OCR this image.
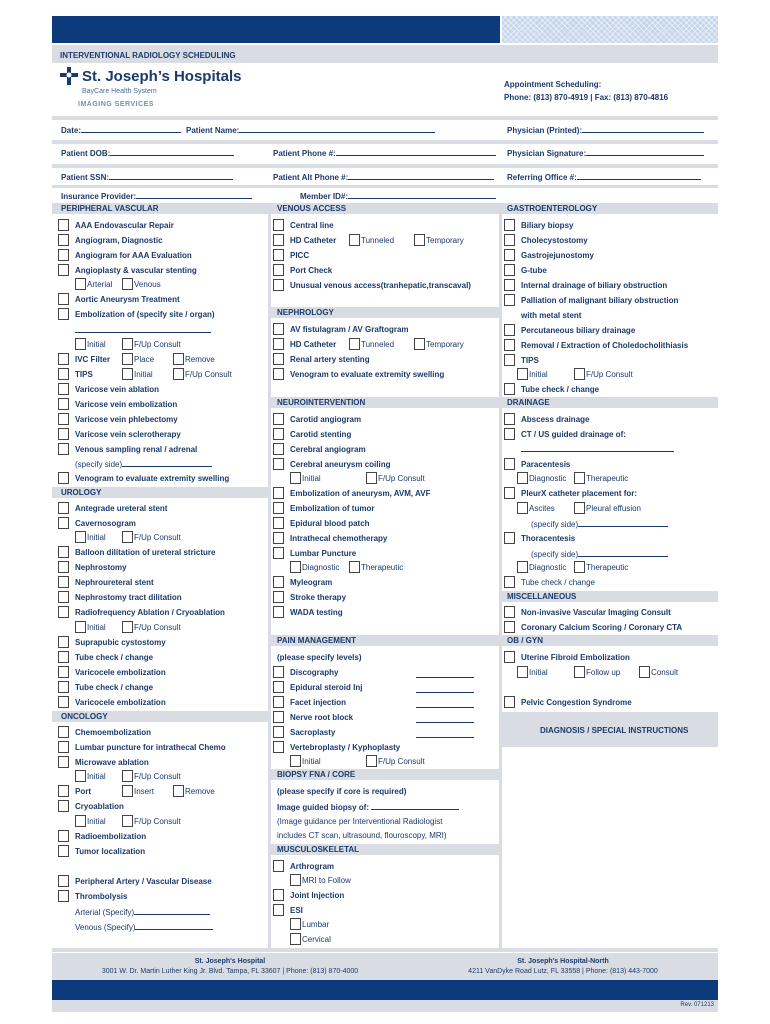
INTERVENTIONAL RADIOLOGY SCHEDULING
St. Joseph’s Hospitals
BayCare Health System
IMAGING SERVICES
Appointment Scheduling:
Phone: (813) 870-4919 | Fax: (813) 870-4816
Date:	Patient Name:	Physician (Printed):
Patient DOB:	Patient Phone #:	Physician Signature:
Patient SSN:	Patient Alt Phone #:	Referring Office #:
Insurance Provider:	Member ID#:
PERIPHERAL VASCULAR	VENOUS ACCESS	GASTROENTEROLOGY
UROLOGY
ONCOLOGY
NEPHROLOGY
NEUROINTERVENTION
PAIN MANAGEMENT
BIOPSY FNA / CORE
MUSCULOSKELETAL
DRAINAGE
MISCELLANEOUS
OB / GYN
DIAGNOSIS / SPECIAL INSTRUCTIONS
AAA Endovascular Repair
Angiogram, Diagnostic
Angiogram for AAA Evaluation
Angioplasty & vascular stenting
Arterial	Venous
Aortic Aneurysm Treatment
Embolization of (specify site / organ)
Initial	F/Up Consult
IVC Filter	Place	Remove
TIPS	Initial	F/Up Consult
Varicose vein ablation
Varicose vein embolization
Varicose vein phlebectomy
Varicose vein sclerotherapy
Venous sampling renal / adrenal
(specify side)
Venogram to evaluate extremity swelling
Antegrade ureteral stent
Cavernosogram
Initial	F/Up Consult
Balloon dilitation of ureteral stricture
Nephrostomy
Nephroureteral stent
Nephrostomy tract dilitation
Radiofrequency Ablation / Cryoablation
Initial	F/Up Consult
Suprapubic cystostomy
Tube check / change
Varicocele embolization
Tube check / change
Varicocele embolization
Chemoembolization
Lumbar puncture for intrathecal Chemo
Microwave ablation
Initial	F/Up Consult
Port	Insert	Remove
Cryoablation
Initial	F/Up Consult
Radioembolization
Tumor localization
Peripheral Artery / Vascular Disease
Thrombolysis
Arterial (Specify)
Venous (Specify)
Central line
HD Catheter	Tunneled	Temporary
PICC
Port Check
Unusual venous access(tranhepatic,transcaval)
AV fistulagram / AV Graftogram
HD Catheter	Tunneled	Temporary
Renal artery stenting
Venogram to evaluate extremity swelling
Carotid angiogram
Carotid stenting
Cerebral angiogram
Cerebral aneurysm coiling
Initial	F/Up Consult
Embolization of aneurysm, AVM, AVF
Embolization of tumor
Epidural blood patch
Intrathecal chemotherapy
Lumbar Puncture
Diagnostic	Therapeutic
Myleogram
Stroke therapy
WADA testing
(please specify levels)
Discography
Epidural steroid Inj
Facet injection
Nerve root block
Sacroplasty
Vertebroplasty / Kyphoplasty
Initial	F/Up Consult
(please specify if core is required)
Image guided biopsy of:
(Image guidance per Interventional Radiologist
includes CT scan, ultrasound, flouroscopy, MRI)
Arthrogram
MRI to Follow
Joint Injection
ESI
Lumbar
Cervical
Biliary biopsy
Cholecystostomy
Gastrojejunostomy
G-tube
Internal drainage of biliary obstruction
Palliation of malignant biliary obstruction
with metal stent
Percutaneous biliary drainage
Removal / Extraction of Choledocholithiasis
TIPS
Initial	F/Up Consult
Tube check / change
Abscess drainage
CT / US guided drainage of:
Paracentesis
Diagnostic Therapeutic
PleurX catheter placement for:
Ascites	Pleural effusion
(specify side)
Thoracentesis
(specify side)
Diagnostic Therapeutic
Tube check / change
Non-invasive Vascular Imaging Consult
Coronary Calcium Scoring / Coronary CTA
Uterine Fibroid Embolization
Initial	Follow up	Consult
Pelvic Congestion Syndrome
St. Joseph's Hospital
3001 W. Dr. Martin Luther King Jr. Blvd. Tampa, FL 33607 | Phone: (813) 870-4000
St. Joseph's Hospital-North
4211 VanDyke Road Lutz, FL 33558 | Phone: (813) 443-7000
Rev. 071213
